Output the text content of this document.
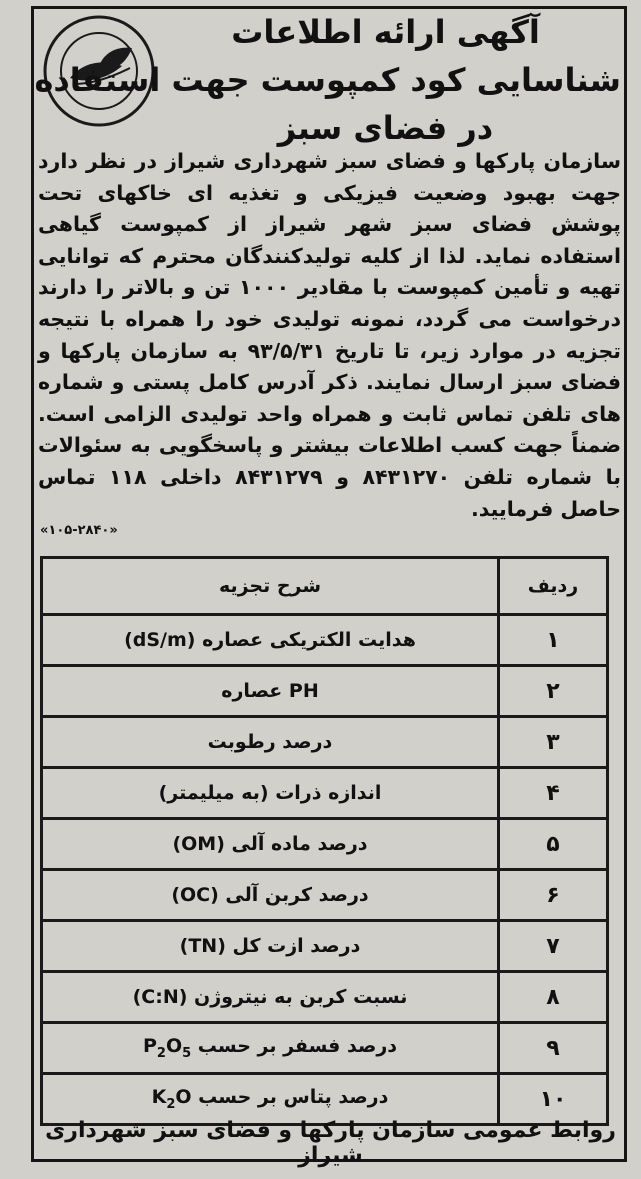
آگهی ارائه اطلاعات
شناسایی کود کمپوست جهت استفاده
در فضای سبز
سازمان پارکها و فضای سبز شهرداری شیراز در نظر دارد جهت بهبود وضعیت فیزیکی و تغذیه ای خاکهای تحت پوشش فضای سبز شهر شیراز از کمپوست گیاهی استفاده نماید. لذا از کلیه تولیدکنندگان محترم که توانایی تهیه و تأمین کمپوست با مقادیر ۱۰۰۰ تن و بالاتر را دارند درخواست می گردد، نمونه تولیدی خود را همراه با نتیجه تجزیه در موارد زیر، تا تاریخ ۹۳/۵/۳۱ به سازمان پارکها و فضای سبز ارسال نمایند. ذکر آدرس کامل پستی و شماره های تلفن تماس ثابت و همراه واحد تولیدی الزامی است. ضمناً جهت کسب اطلاعات بیشتر و پاسخگویی به سئوالات با شماره تلفن ۸۴۳۱۲۷۰ و ۸۴۳۱۲۷۹ داخلی ۱۱۸ تماس حاصل فرمایید.
«۱۰۵-۲۸۴۰»
ردیف	شرح تجزیه
۱	هدایت الکتریکی عصاره (dS/m)
۲	PH عصاره
۳	درصد رطوبت
۴	اندازه ذرات (به میلیمتر)
۵	درصد ماده آلی (OM)
۶	درصد کربن آلی (OC)
۷	درصد ازت کل (TN)
۸	نسبت کربن به نیتروژن (C:N)
۹	درصد فسفر بر حسب $P_2O_5$
۱۰	درصد پتاس بر حسب $K_2O$
روابط عمومی سازمان پارکها و فضای سبز شهرداری شیراز
